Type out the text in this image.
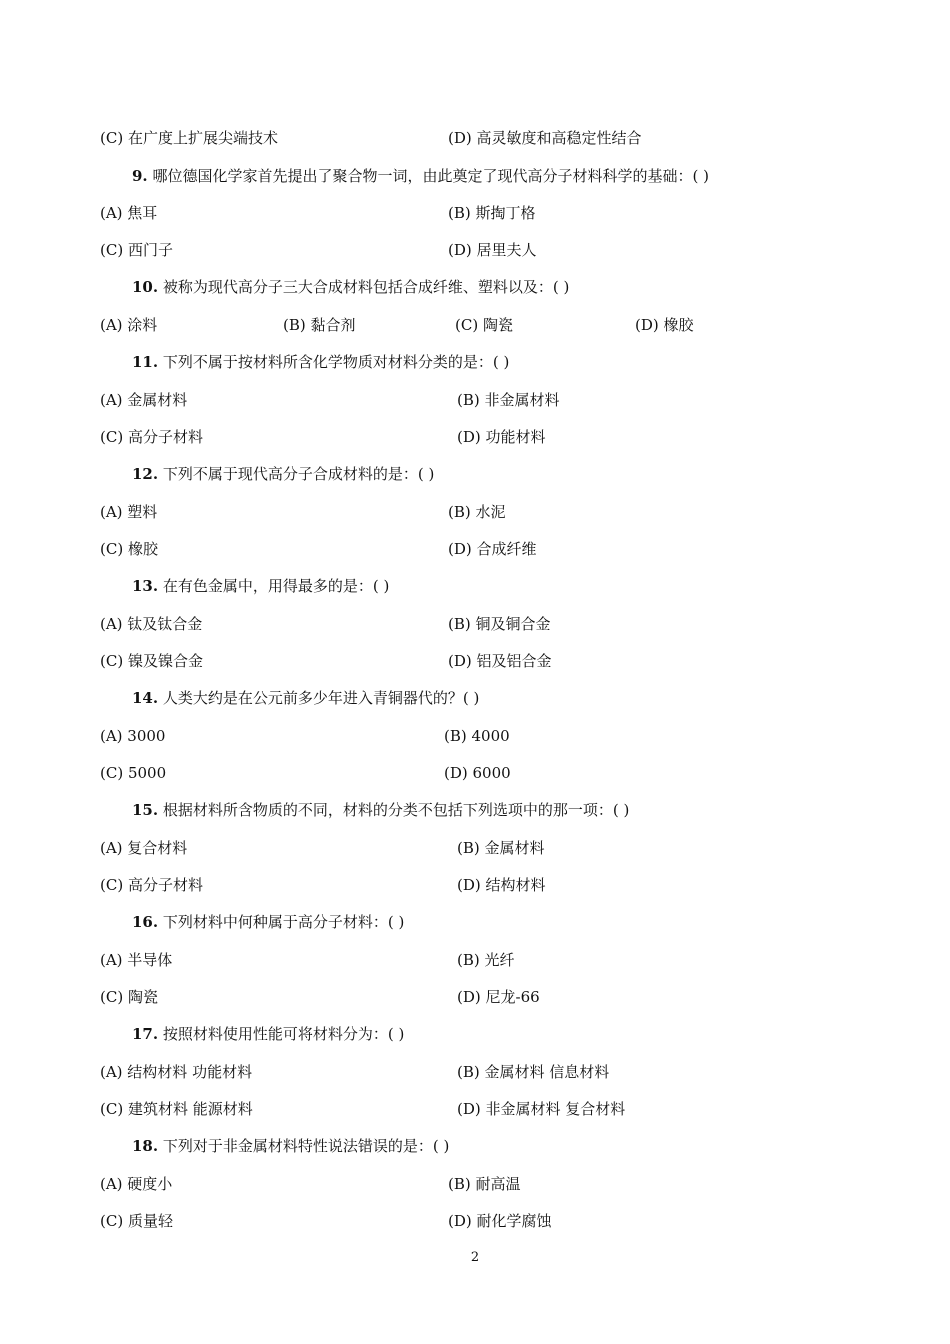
(C) 在广度上扩展尖端技术	(D) 高灵敏度和高稳定性结合
9. 哪位德国化学家首先提出了聚合物一词，由此奠定了现代高分子材料科学的基础：( )
(A) 焦耳	(B) 斯掏丁格
(C) 西门子	(D) 居里夫人
10. 被称为现代高分子三大合成材料包括合成纤维、塑料以及：( )
(A) 涂料	(B) 黏合剂	(C) 陶瓷	(D) 橡胶
11. 下列不属于按材料所含化学物质对材料分类的是：( )
(A) 金属材料	(B) 非金属材料
(C) 高分子材料	(D) 功能材料
12. 下列不属于现代高分子合成材料的是：( )
(A) 塑料	(B) 水泥
(C) 橡胶	(D) 合成纤维
13. 在有色金属中，用得最多的是：( )
(A) 钛及钛合金	(B) 铜及铜合金
(C) 镍及镍合金	(D) 铝及铝合金
14. 人类大约是在公元前多少年进入青铜器代的？( )
(A) 3000	(B) 4000
(C) 5000	(D) 6000
15. 根据材料所含物质的不同，材料的分类不包括下列选项中的那一项：( )
(A) 复合材料	(B) 金属材料
(C) 高分子材料	(D) 结构材料
16. 下列材料中何种属于高分子材料：( )
(A) 半导体	(B) 光纤
(C) 陶瓷	(D) 尼龙-66
17. 按照材料使用性能可将材料分为：( )
(A) 结构材料 功能材料	(B) 金属材料 信息材料
(C) 建筑材料 能源材料	(D) 非金属材料 复合材料
18. 下列对于非金属材料特性说法错误的是：( )
(A) 硬度小	(B) 耐高温
(C) 质量轻	(D) 耐化学腐蚀
2
